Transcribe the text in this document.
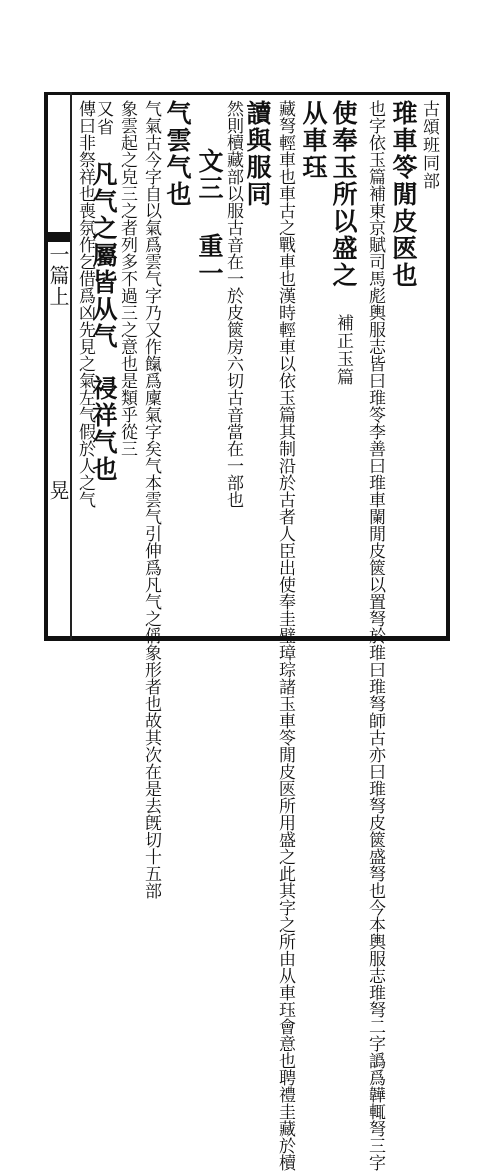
一篇上
晃
古頌班同部
琟車笭閒皮匧也
也字依玉篇補東京賦司馬彪輿服志皆曰琟笭李善曰琟車闌閒皮篋以置弩於琟曰琟弩師古亦曰琟弩皮篋盛弩也今本輿服志琟弩二字譌爲韡輒弩三字
使奉玉所以盛之 補正玉篇
从車珏
藏弩輕車也車古之戰車也漢時輕車以依玉篇其制沿於古者人臣出使奉圭璧璋琮諸玉車笭閒皮匧所用盛之此其字之所由从車珏會意也聘禮圭藏於櫝
讀與服同
然則櫝藏部以服古音在一於皮篋房六切古音當在一部也
文三 重一
气雲气也
气氣古今字自以氣爲雲气字乃又作餼爲廩氣字矣气本雲气引伸爲凡气之偁象形者也故其次在是去旣切十五部
象雲起之皃三之者列多不過三之意也是類乎從三
又省 凡气之屬皆从气 祲祥气也
傳曰非祭祥也喪氛作乞借爲凶先見之氣左气假於人之气
